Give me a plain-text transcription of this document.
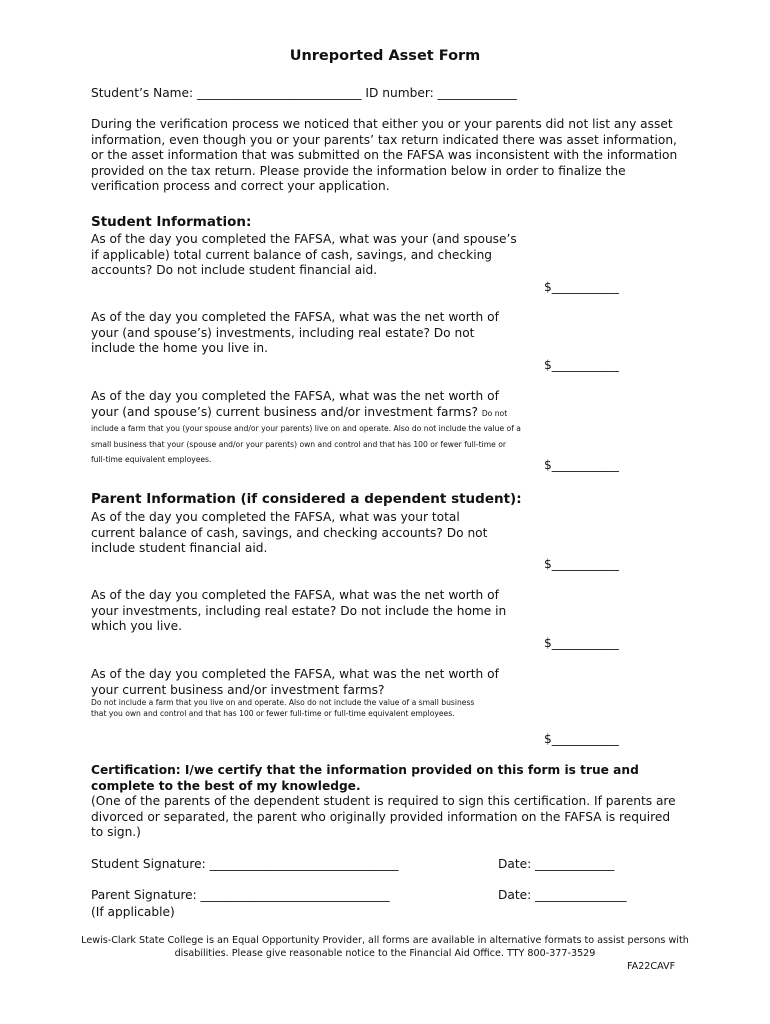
Unreported Asset Form
Student’s Name: ___________________________ ID number: _____________
During the verification process we noticed that either you or your parents did not list any asset information, even though you or your parents’ tax return indicated there was asset information, or the asset information that was submitted on the FAFSA was inconsistent with the information provided on the tax return. Please provide the information below in order to finalize the verification process and correct your application.
Student Information:
As of the day you completed the FAFSA, what was your (and spouse’s if applicable) total current balance of cash, savings, and checking accounts? Do not include student financial aid.
$___________
As of the day you completed the FAFSA, what was the net worth of your (and spouse’s) investments, including real estate? Do not include the home you live in.
$___________
As of the day you completed the FAFSA, what was the net worth of your (and spouse’s) current business and/or investment farms? Do not include a farm that you (your spouse and/or your parents) live on and operate. Also do not include the value of a small business that your (spouse and/or your parents) own and control and that has 100 or fewer full-time or full-time equivalent employees.	$___________
Parent Information (if considered a dependent student):
As of the day you completed the FAFSA, what was your total current balance of cash, savings, and checking accounts? Do not include student financial aid.
$___________
As of the day you completed the FAFSA, what was the net worth of your investments, including real estate? Do not include the home in which you live.
$___________
As of the day you completed the FAFSA, what was the net worth of your current business and/or investment farms?
Do not include a farm that you live on and operate. Also do not include the value of a small business that you own and control and that has 100 or fewer full-time or full-time equivalent employees.
$___________
Certification: I/we certify that the information provided on this form is true and complete to the best of my knowledge.
(One of the parents of the dependent student is required to sign this certification. If parents are divorced or separated, the parent who originally provided information on the FAFSA is required to sign.)
Student Signature: _______________________________	Date: _____________
Parent Signature: _______________________________	Date: _______________
(If applicable)
Lewis-Clark State College is an Equal Opportunity Provider, all forms are available in alternative formats to assist persons with disabilities. Please give reasonable notice to the Financial Aid Office. TTY 800-377-3529
FA22CAVF
